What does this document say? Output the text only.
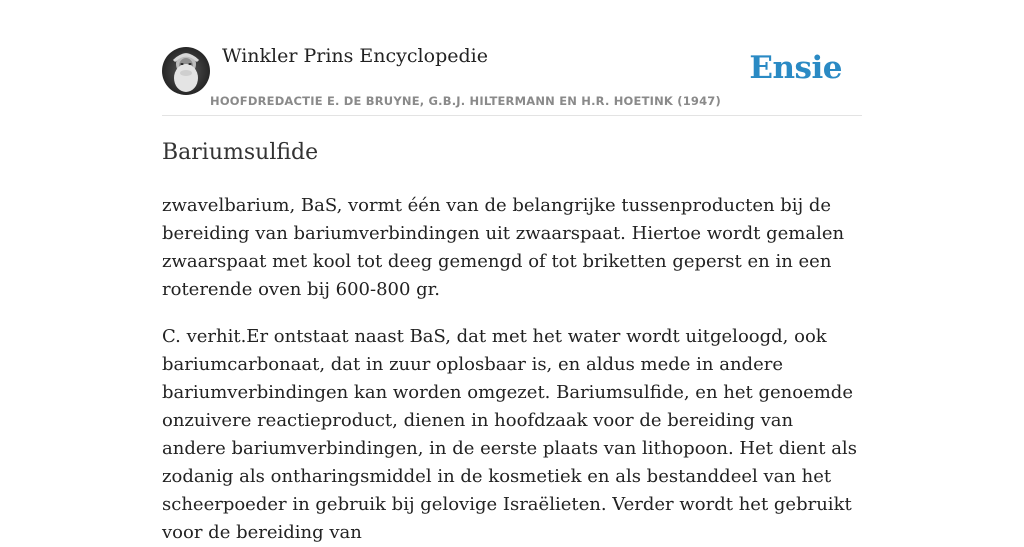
Winkler Prins Encyclopedie
HOOFDREDACTIE E. DE BRUYNE, G.B.J. HILTERMANN EN H.R. HOETINK (1947)
Ensie
Bariumsulfide

zwavelbarium, BaS, vormt één van de belangrijke tussenproducten bij de bereiding van bariumverbindingen uit zwaarspaat. Hiertoe wordt gemalen zwaarspaat met kool tot deeg gemengd of tot briketten geperst en in een roterende oven bij 600-800 gr.

C. verhit.Er ontstaat naast BaS, dat met het water wordt uitgeloogd, ook bariumcarbonaat, dat in zuur oplosbaar is, en aldus mede in andere bariumverbindingen kan worden omgezet. Bariumsulfide, en het genoemde onzuivere reactieproduct, dienen in hoofdzaak voor de bereiding van andere bariumverbindingen, in de eerste plaats van lithopoon. Het dient als zodanig als ontharingsmiddel in de kosmetiek en als bestanddeel van het scheerpoeder in gebruik bij gelovige Israëlieten. Verder wordt het gebruikt voor de bereiding van
